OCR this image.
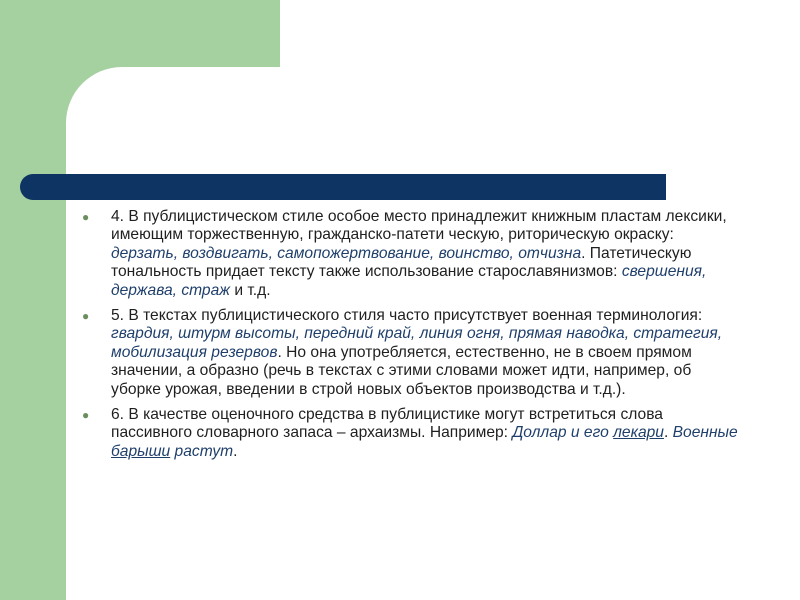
● 4. В публицистическом стиле особое место принадлежит книжным пластам лексики, имеющим торжественную, гражданско-патети ческую, риторическую окраску: дерзать, воздвигать, самопожертвование, воинство, отчизна. Патетическую тональность придает тексту также использование старославянизмов: свершения, держава, страж и т.д.
● 5. В текстах публицистического стиля часто присутствует военная терминология: гвардия, штурм высоты, передний край, линия огня, прямая наводка, стратегия, мобилизация резервов. Но она употребляется, естественно, не в своем прямом значении, а образно (речь в текстах с этими словами может идти, например, об уборке урожая, введении в строй новых объектов производства и т.д.).
● 6. В качестве оценочного средства в публицистике могут встретиться слова пассивного словарного запаса – архаизмы. Например: Доллар и его лекари. Военные барыши растут.
